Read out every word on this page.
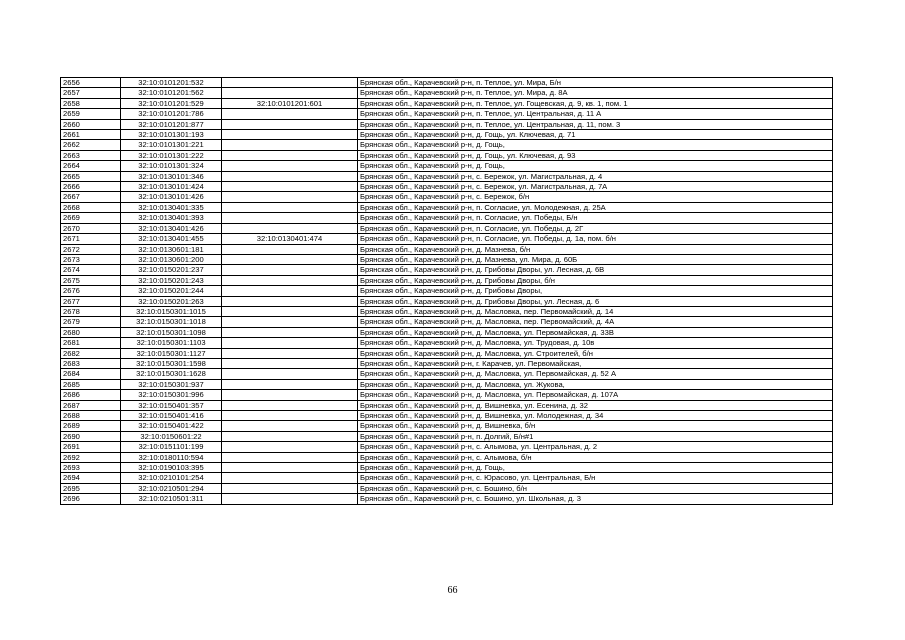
2656	32:10:0101201:532		Брянская обл., Карачевский р-н, п. Теплое, ул. Мира, Б/н
2657	32:10:0101201:562		Брянская обл., Карачевский р-н, п. Теплое, ул. Мира, д. 8А
2658	32:10:0101201:529	32:10:0101201:601	Брянская обл., Карачевский р-н, п. Теплое, ул. Гощевская, д. 9, кв. 1, пом. 1
2659	32:10:0101201:786		Брянская обл., Карачевский р-н, п. Теплое, ул. Центральная, д. 11 А
2660	32:10:0101201:877		Брянская обл., Карачевский р-н, п. Теплое, ул. Центральная, д. 11, пом. 3
2661	32:10:0101301:193		Брянская обл., Карачевский р-н, д. Гощь, ул. Ключевая, д. 71
2662	32:10:0101301:221		Брянская обл., Карачевский р-н, д. Гощь,
2663	32:10:0101301:222		Брянская обл., Карачевский р-н, д. Гощь, ул. Ключевая, д. 93
2664	32:10:0101301:324		Брянская обл., Карачевский р-н, д. Гощь,
2665	32:10:0130101:346		Брянская обл., Карачевский р-н, с. Бережок, ул. Магистральная, д. 4
2666	32:10:0130101:424		Брянская обл., Карачевский р-н, с. Бережок, ул. Магистральная, д. 7А
2667	32:10:0130101:426		Брянская обл., Карачевский р-н, с. Бережок, б/н
2668	32:10:0130401:335		Брянская обл., Карачевский р-н, п. Согласие, ул. Молодежная, д. 25А
2669	32:10:0130401:393		Брянская обл., Карачевский р-н, п. Согласие, ул. Победы, Б/н
2670	32:10:0130401:426		Брянская обл., Карачевский р-н, п. Согласие, ул. Победы, д. 2Г
2671	32:10:0130401:455	32:10:0130401:474	Брянская обл., Карачевский р-н, п. Согласие, ул. Победы, д. 1а, пом. б/н
2672	32:10:0130601:181		Брянская обл., Карачевский р-н, д. Мазнева, б/н
2673	32:10:0130601:200		Брянская обл., Карачевский р-н, д. Мазнева, ул. Мира, д. 60Б
2674	32:10:0150201:237		Брянская обл., Карачевский р-н, д. Грибовы Дворы, ул. Лесная, д. 6В
2675	32:10:0150201:243		Брянская обл., Карачевский р-н, д. Грибовы Дворы, б/н
2676	32:10:0150201:244		Брянская обл., Карачевский р-н, д. Грибовы Дворы,
2677	32:10:0150201:263		Брянская обл., Карачевский р-н, д. Грибовы Дворы, ул. Лесная, д. 6
2678	32:10:0150301:1015		Брянская обл., Карачевский р-н, д. Масловка, пер. Первомайский, д. 14
2679	32:10:0150301:1018		Брянская обл., Карачевский р-н, д. Масловка, пер. Первомайский, д. 4А
2680	32:10:0150301:1098		Брянская обл., Карачевский р-н, д. Масловка, ул. Первомайская, д. 33В
2681	32:10:0150301:1103		Брянская обл., Карачевский р-н, д. Масловка, ул. Трудовая, д. 10в
2682	32:10:0150301:1127		Брянская обл., Карачевский р-н, д. Масловка, ул. Строителей, б/н
2683	32:10:0150301:1598		Брянская обл., Карачевский р-н, г. Карачев, ул. Первомайская,
2684	32:10:0150301:1628		Брянская обл., Карачевский р-н, д. Масловка, ул. Первомайская, д. 52 А
2685	32:10:0150301:937		Брянская обл., Карачевский р-н, д. Масловка, ул. Жукова,
2686	32:10:0150301:996		Брянская обл., Карачевский р-н, д. Масловка, ул. Первомайская, д. 107А
2687	32:10:0150401:357		Брянская обл., Карачевский р-н, д. Вишневка, ул. Есенина, д. 32
2688	32:10:0150401:416		Брянская обл., Карачевский р-н, д. Вишневка, ул. Молодежная, д. 34
2689	32:10:0150401:422		Брянская обл., Карачевский р-н, д. Вишневка, б/н
2690	32:10:0150601:22		Брянская обл., Карачевский р-н, п. Долгий, Б/н#1
2691	32:10:0151101:199		Брянская обл., Карачевский р-н, с. Алымова, ул. Центральная, д. 2
2692	32:10:0180110:594		Брянская обл., Карачевский р-н, с. Алымова, б/н
2693	32:10:0190103:395		Брянская обл., Карачевский р-н, д. Гощь,
2694	32:10:0210101:254		Брянская обл., Карачевский р-н, с. Юрасово, ул. Центральная, Б/н
2695	32:10:0210501:294		Брянская обл., Карачевский р-н, с. Бошино, б/н
2696	32:10:0210501:311		Брянская обл., Карачевский р-н, с. Бошино, ул. Школьная, д. 3
66
